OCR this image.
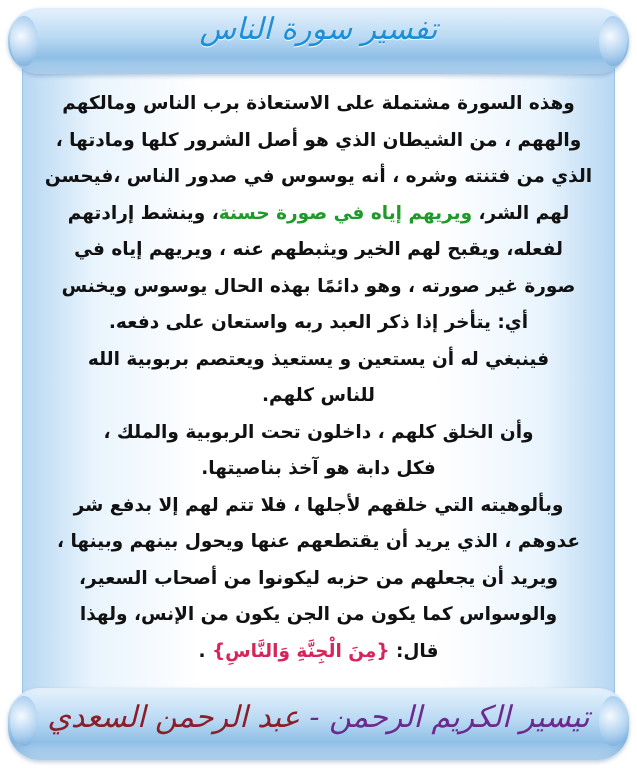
تفسير سورة الناس
وهذه السورة مشتملة على الاستعاذة برب الناس ومالكهم
والههم ، من الشيطان الذي هو أصل الشرور كلها ومادتها ،
الذي من فتنته وشره ، أنه يوسوس في صدور الناس ،فيحسن
لهم الشر، ويريهم إياه في صورة حسنة، وينشط إرادتهم
لفعله، ويقبح لهم الخير ويثبطهم عنه ، ويريهم إياه في
صورة غير صورته ، وهو دائمًا بهذه الحال يوسوس ويخنس
أي: يتأخر إذا ذكر العبد ربه واستعان على دفعه.
فينبغي له أن يستعين و يستعيذ ويعتصم بربوبية الله
للناس كلهم.
وأن الخلق كلهم ، داخلون تحت الربوبية والملك ،
فكل دابة هو آخذ بناصيتها.
وبألوهيته التي خلقهم لأجلها ، فلا تتم لهم إلا بدفع شر
عدوهم ، الذي يريد أن يقتطعهم عنها ويحول بينهم وبينها ،
ويريد أن يجعلهم من حزبه ليكونوا من أصحاب السعير،
والوسواس كما يكون من الجن يكون من الإنس، ولهذا
قال: {مِنَ الْجِنَّةِ وَالنَّاسِ} .
تيسير الكريم الرحمن - عبد الرحمن السعدي
